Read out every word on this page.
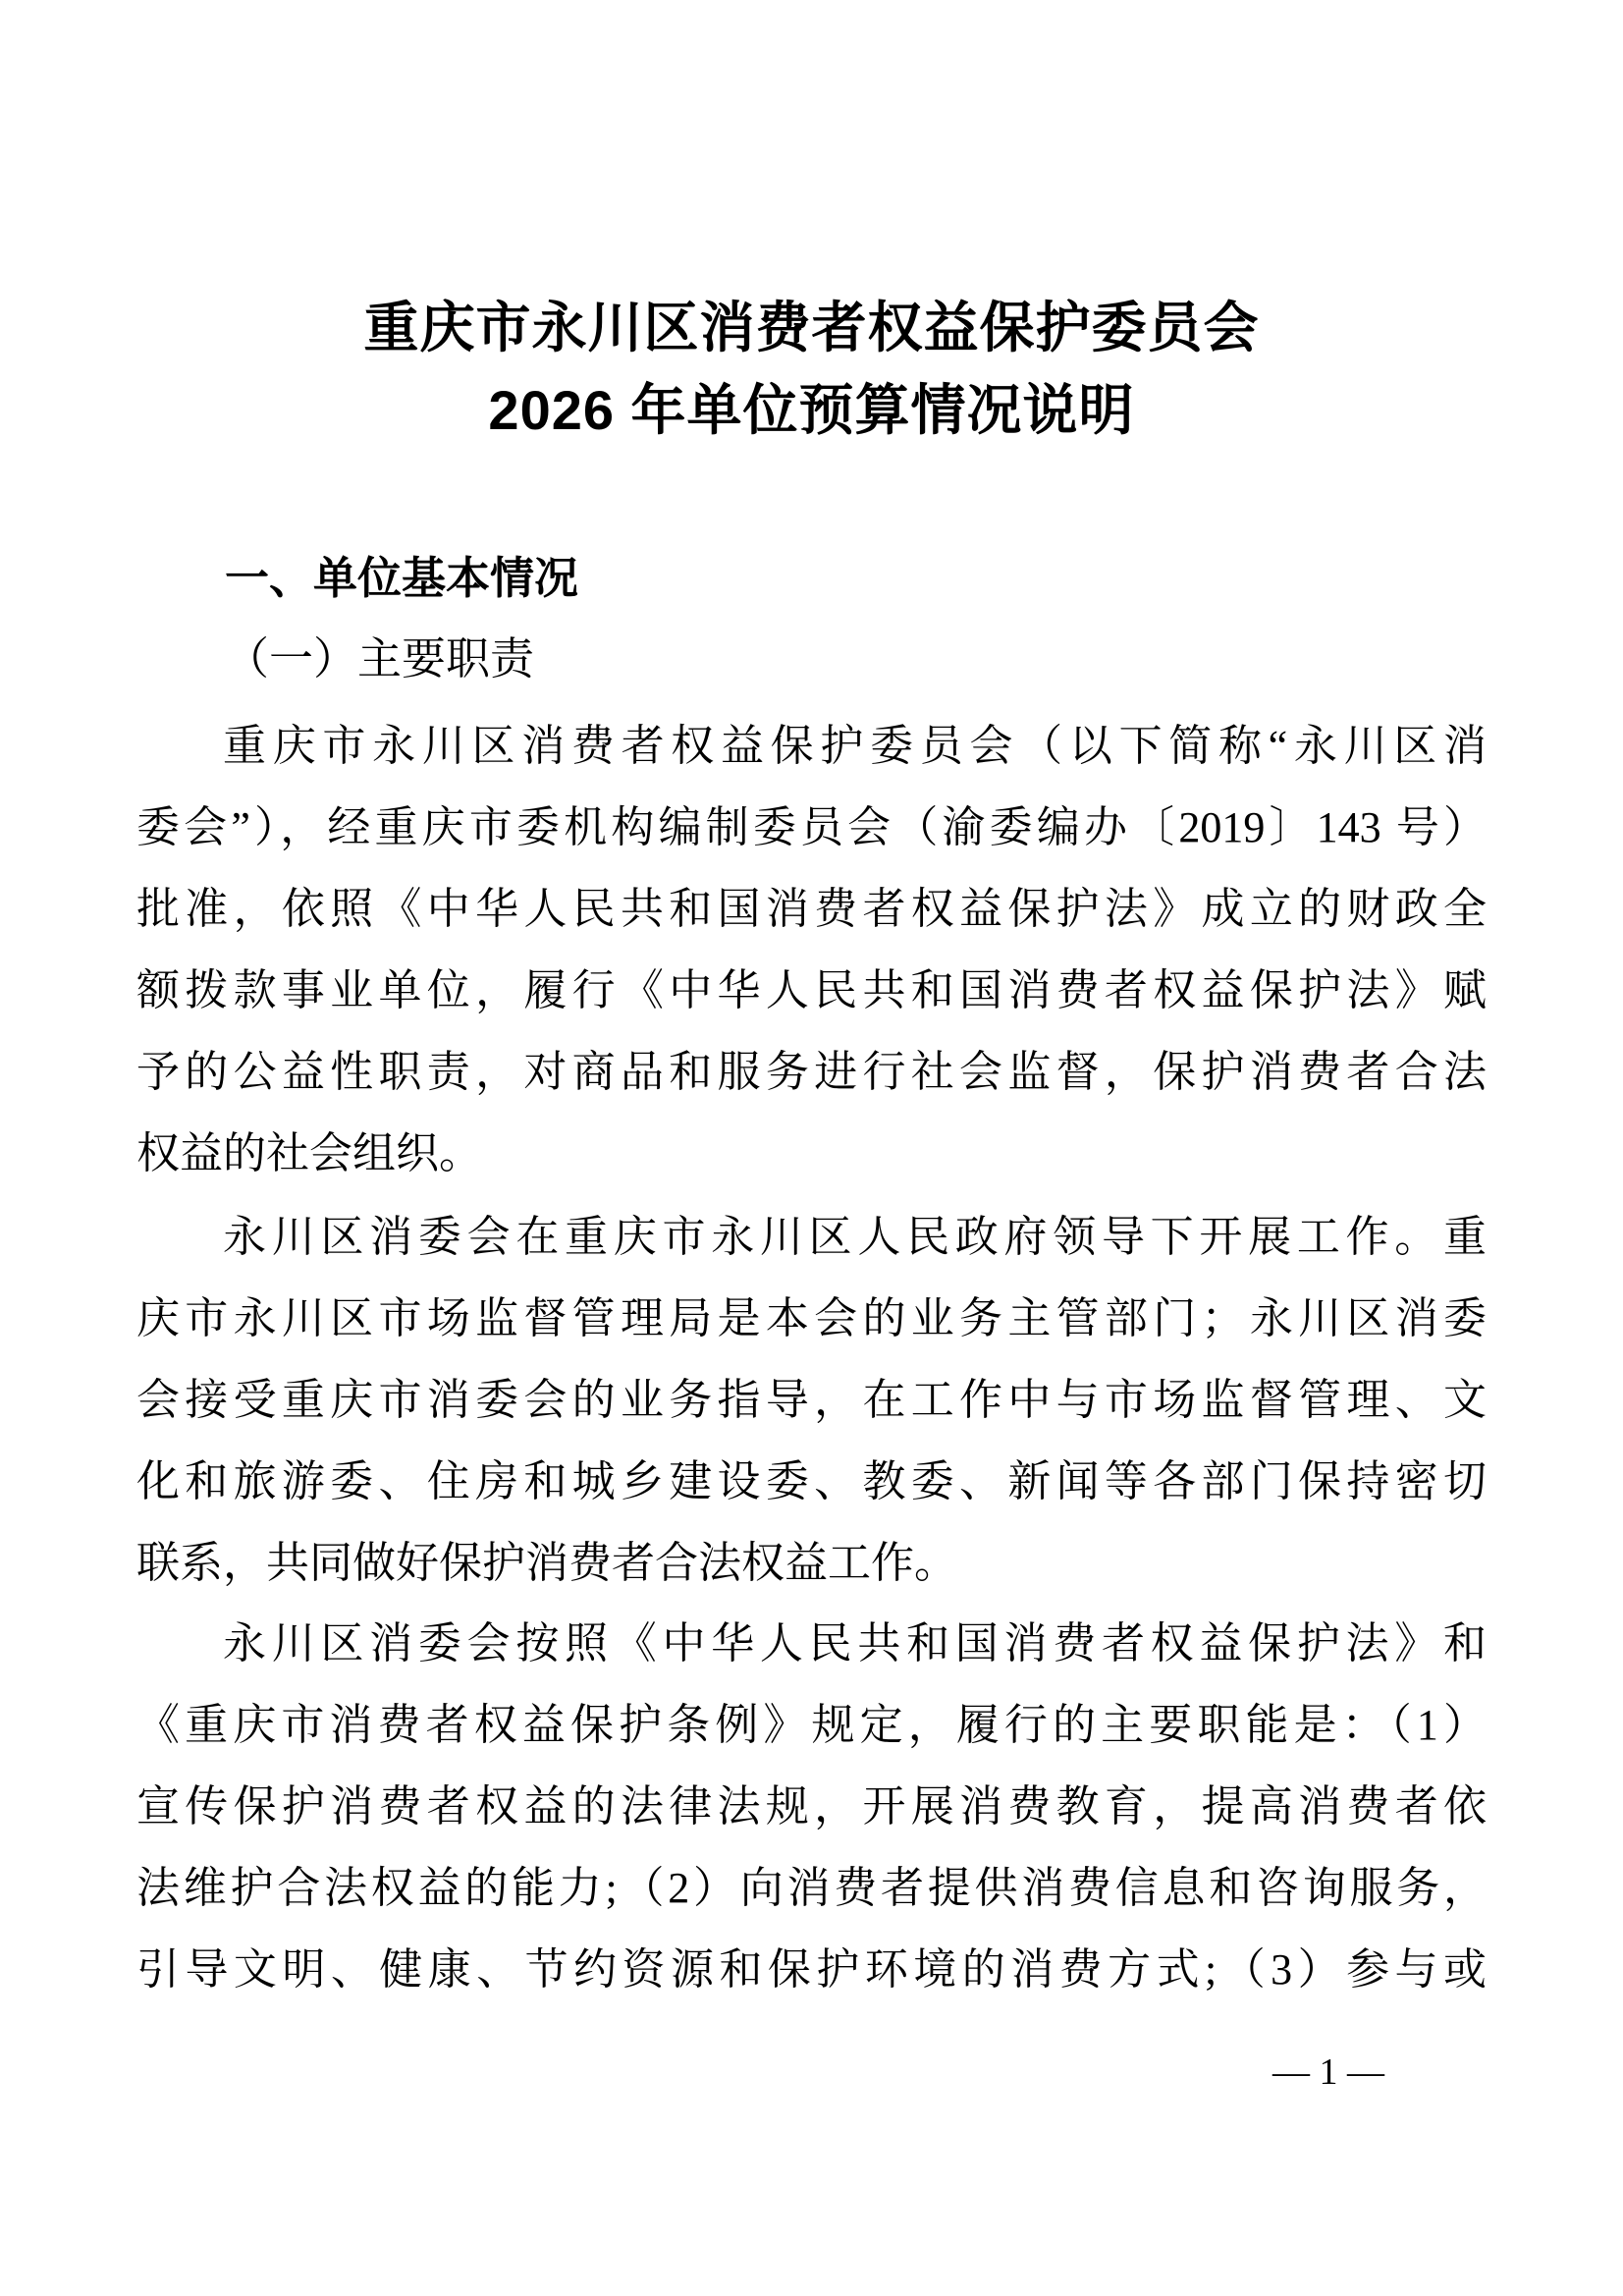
重庆市永川区消费者权益保护委员会
2026 年单位预算情况说明
一、单位基本情况
（一）主要职责
重庆市永川区消费者权益保护委员会（以下简称“永川区消
委会”），经重庆市委机构编制委员会（渝委编办〔2019〕143 号）
批准，依照《中华人民共和国消费者权益保护法》成立的财政全
额拨款事业单位，履行《中华人民共和国消费者权益保护法》赋
予的公益性职责，对商品和服务进行社会监督，保护消费者合法
权益的社会组织。
永川区消委会在重庆市永川区人民政府领导下开展工作。重
庆市永川区市场监督管理局是本会的业务主管部门；永川区消委
会接受重庆市消委会的业务指导，在工作中与市场监督管理、文
化和旅游委、住房和城乡建设委、教委、新闻等各部门保持密切
联系，共同做好保护消费者合法权益工作。
永川区消委会按照《中华人民共和国消费者权益保护法》和
《重庆市消费者权益保护条例》规定，履行的主要职能是：（1）
宣传保护消费者权益的法律法规，开展消费教育，提高消费者依
法维护合法权益的能力;（2）向消费者提供消费信息和咨询服务，
引导文明、健康、节约资源和保护环境的消费方式;（3）参与或
— 1 —
